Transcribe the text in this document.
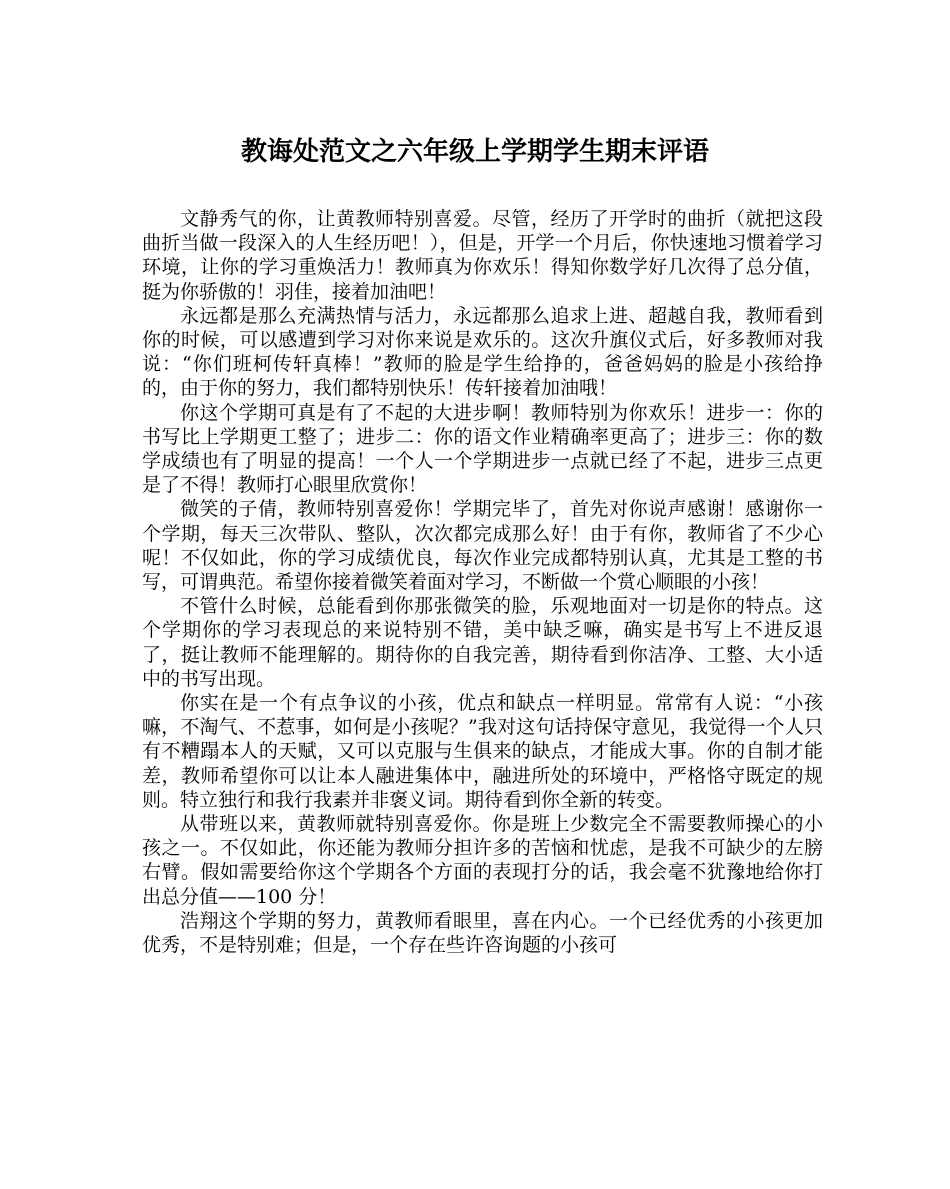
教诲处范文之六年级上学期学生期末评语

文静秀气的你，让黄教师特别喜爱。尽管，经历了开学时的曲折（就把这段曲折当做一段深入的人生经历吧！），但是，开学一个月后，你快速地习惯着学习环境，让你的学习重焕活力！教师真为你欢乐！得知你数学好几次得了总分值，挺为你骄傲的！羽佳，接着加油吧！

永远都是那么充满热情与活力，永远都那么追求上进、超越自我，教师看到你的时候，可以感遭到学习对你来说是欢乐的。这次升旗仪式后，好多教师对我说：“你们班柯传轩真棒！”教师的脸是学生给挣的，爸爸妈妈的脸是小孩给挣的，由于你的努力，我们都特别快乐！传轩接着加油哦！

你这个学期可真是有了不起的大进步啊！教师特别为你欢乐！进步一：你的书写比上学期更工整了；进步二：你的语文作业精确率更高了；进步三：你的数学成绩也有了明显的提高！一个人一个学期进步一点就已经了不起，进步三点更是了不得！教师打心眼里欣赏你！

微笑的子倩，教师特别喜爱你！学期完毕了，首先对你说声感谢！感谢你一个学期，每天三次带队、整队，次次都完成那么好！由于有你，教师省了不少心呢！不仅如此，你的学习成绩优良，每次作业完成都特别认真，尤其是工整的书写，可谓典范。希望你接着微笑着面对学习，不断做一个赏心顺眼的小孩！

不管什么时候，总能看到你那张微笑的脸，乐观地面对一切是你的特点。这个学期你的学习表现总的来说特别不错，美中缺乏嘛，确实是书写上不进反退了，挺让教师不能理解的。期待你的自我完善，期待看到你洁净、工整、大小适中的书写出现。

你实在是一个有点争议的小孩，优点和缺点一样明显。常常有人说：“小孩嘛，不淘气、不惹事，如何是小孩呢？”我对这句话持保守意见，我觉得一个人只有不糟蹋本人的天赋，又可以克服与生俱来的缺点，才能成大事。你的自制才能差，教师希望你可以让本人融进集体中，融进所处的环境中，严格恪守既定的规则。特立独行和我行我素并非褒义词。期待看到你全新的转变。

从带班以来，黄教师就特别喜爱你。你是班上少数完全不需要教师操心的小孩之一。不仅如此，你还能为教师分担许多的苦恼和忧虑，是我不可缺少的左膀右臂。假如需要给你这个学期各个方面的表现打分的话，我会毫不犹豫地给你打出总分值——100 分！

浩翔这个学期的努力，黄教师看眼里，喜在内心。一个已经优秀的小孩更加优秀，不是特别难；但是，一个存在些许咨询题的小孩可
